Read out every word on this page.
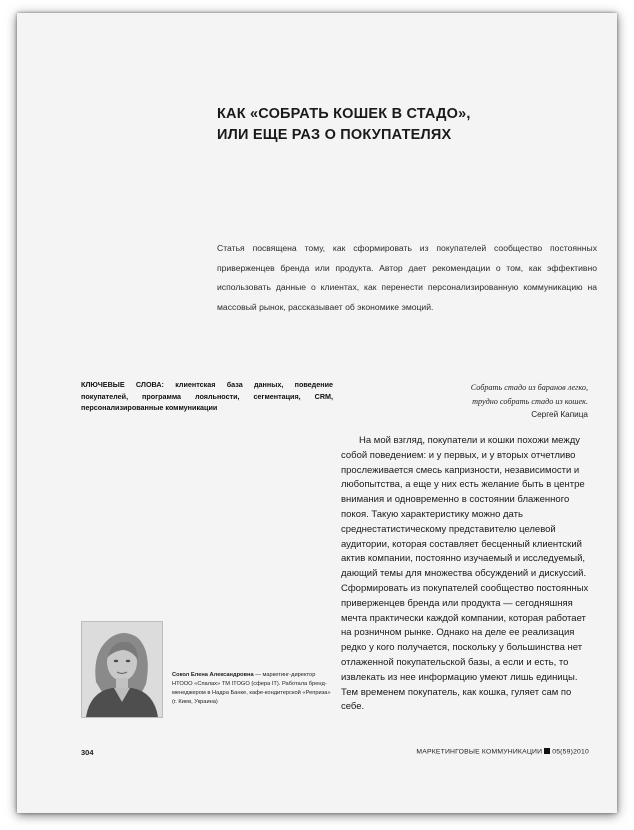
КАК «СОБРАТЬ КОШЕК В СТАДО»,
ИЛИ ЕЩЕ РАЗ О ПОКУПАТЕЛЯХ
Статья посвящена тому, как сформировать из покупателей сообщество постоянных приверженцев бренда или продукта. Автор дает рекомендации о том, как эффективно использовать данные о клиентах, как перенести персонализированную коммуникацию на массовый рынок, рассказывает об экономике эмоций.
КЛЮЧЕВЫЕ СЛОВА: клиентская база данных, поведение покупателей, программа лояльности, сегментация, CRM, персонализированные коммуникации
Собрать стадо из баранов легко,
трудно собрать стадо из кошек.
Сергей Капица

На мой взгляд, покупатели и кошки похожи между собой поведением: и у первых, и у вторых отчетливо прослеживается смесь капризности, независимости и любопытства, а еще у них есть желание быть в центре внимания и одновременно в состоянии блаженного покоя. Такую характеристику можно дать среднестатистическому представителю целевой аудитории, которая составляет бесценный клиентский актив компании, постоянно изучаемый и исследуемый, дающий темы для множества обсуждений и дискуссий. Сформировать из покупателей сообщество постоянных приверженцев бренда или продукта — сегодняшняя мечта практически каждой компании, которая работает на розничном рынке. Однако на деле ее реализация редко у кого получается, поскольку у большинства нет отлаженной покупательской базы, а если и есть, то извлекать из нее информацию умеют лишь единицы. Тем временем покупатель, как кошка, гуляет сам по себе.

Сокол Елена Александровна — маркетинг-директор НТООО «Спалах» ТМ ITOGO (сфера IT). Работала бренд-менеджером в Надра Банке, кафе-кондитерской «Репризa» (г. Киев, Украина)
304	МАРКЕТИНГОВЫЕ КОММУНИКАЦИИ 05(59)2010
